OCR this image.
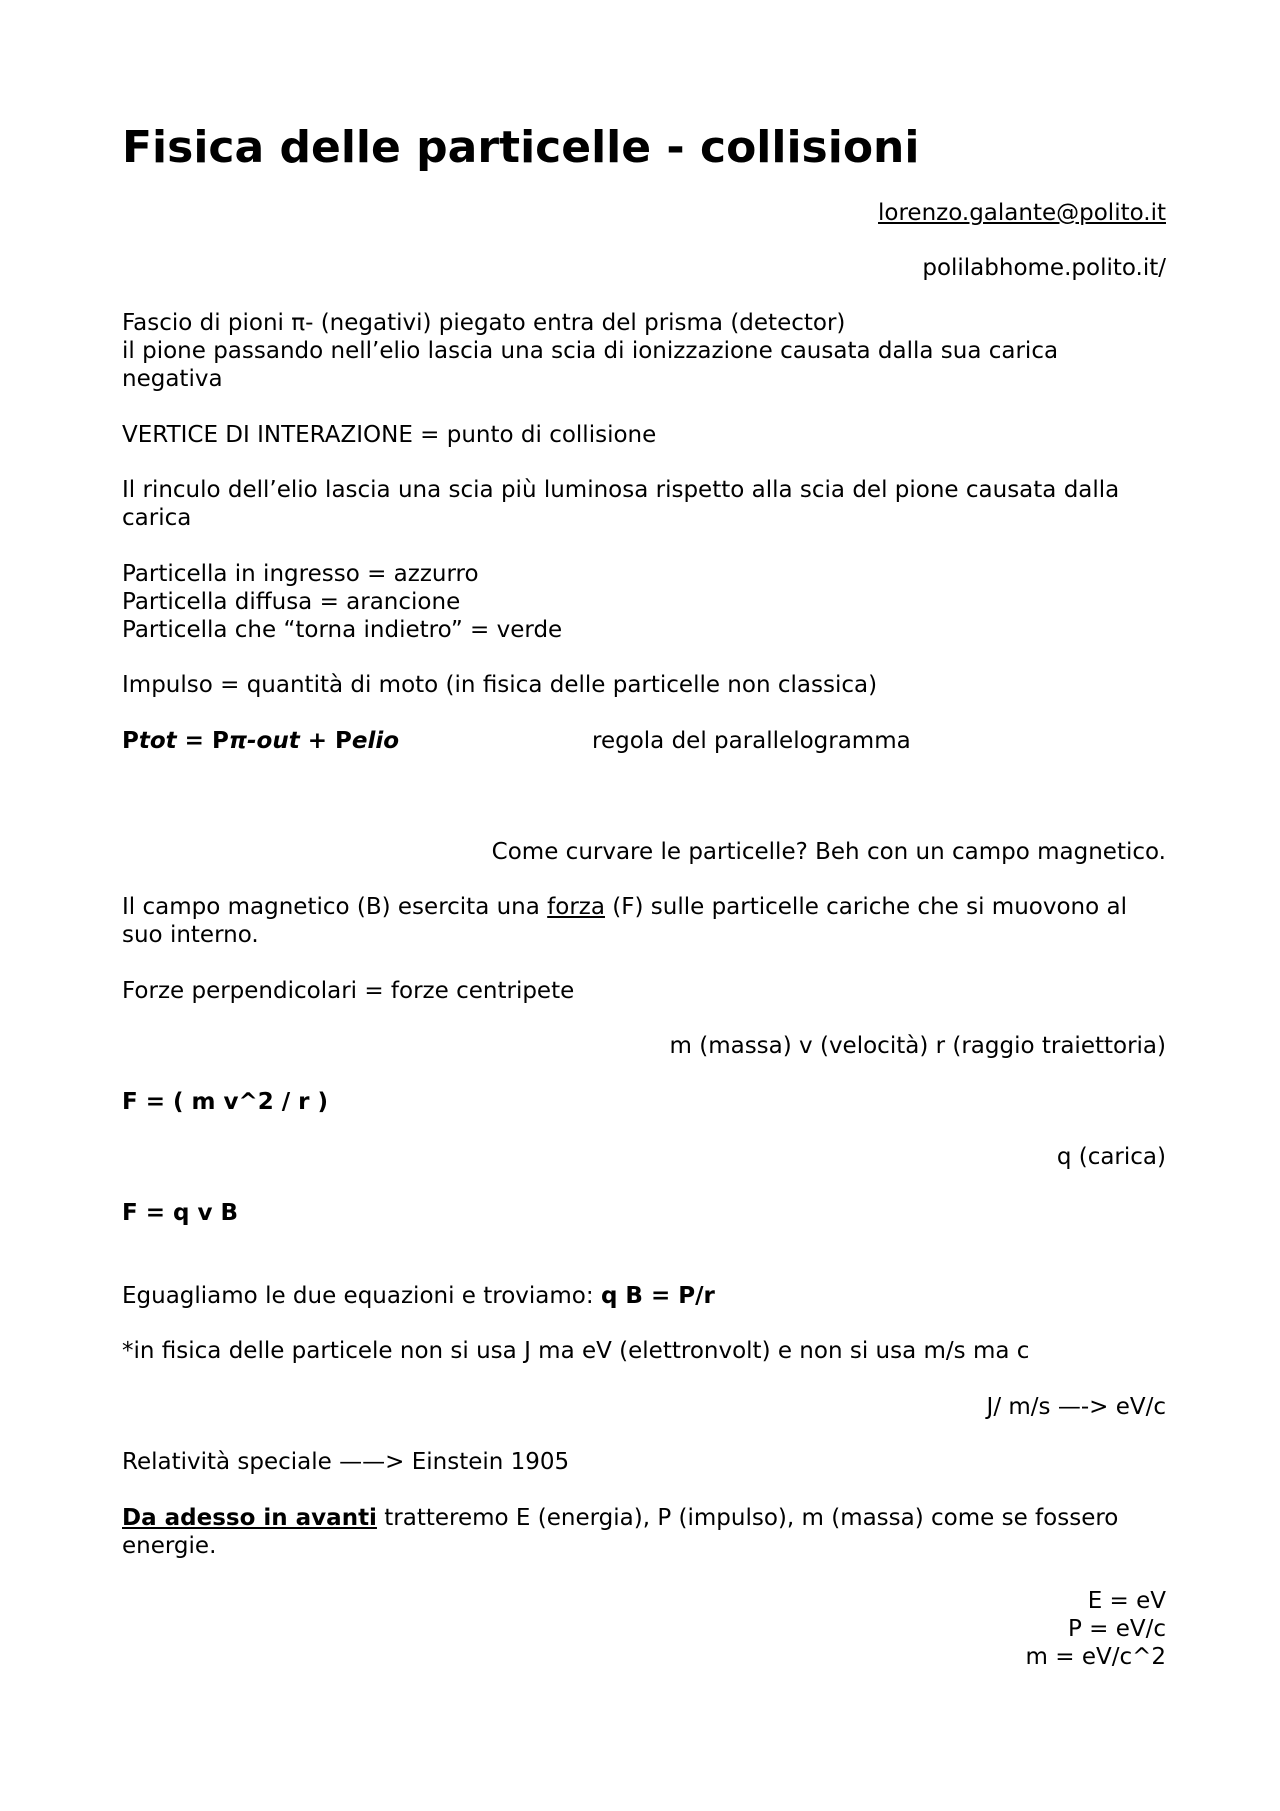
Fisica delle particelle - collisioni
lorenzo.galante@polito.it
polilabhome.polito.it/
Fascio di pioni π- (negativi) piegato entra del prisma (detector)
il pione passando nell’elio lascia una scia di ionizzazione causata dalla sua carica
negativa
VERTICE DI INTERAZIONE = punto di collisione
Il rinculo dell’elio lascia una scia più luminosa rispetto alla scia del pione causata dalla
carica
Particella in ingresso = azzurro
Particella diffusa = arancione
Particella che “torna indietro” = verde
Impulso = quantità di moto (in fisica delle particelle non classica)
Ptot = Pπ-out + Pelio	regola del parallelogramma
Come curvare le particelle? Beh con un campo magnetico.
Il campo magnetico (B) esercita una forza (F) sulle particelle cariche che si muovono al
suo interno.
Forze perpendicolari = forze centripete
m (massa) v (velocità) r (raggio traiettoria)
F = ( m v^2 / r )
q (carica)
F = q v B
Eguagliamo le due equazioni e troviamo: q B = P/r
*in fisica delle particele non si usa J ma eV (elettronvolt) e non si usa m/s ma c
J/ m/s —-> eV/c
Relatività speciale ——> Einstein 1905
Da adesso in avanti tratteremo E (energia), P (impulso), m (massa) come se fossero
energie.
E = eV
P = eV/c
m = eV/c^2
